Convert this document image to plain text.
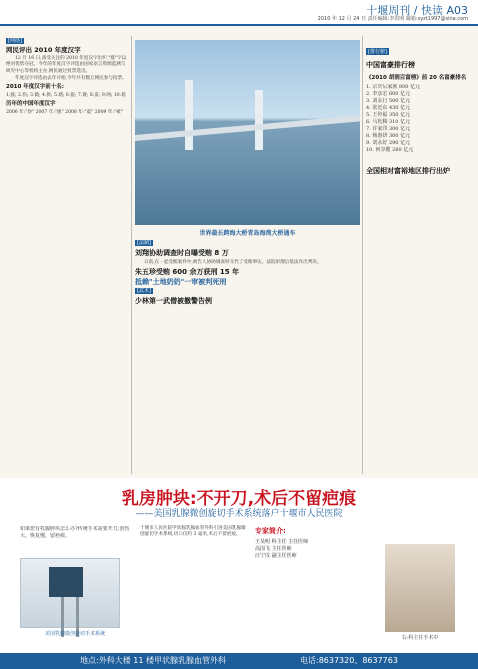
十堰周刊 / 快读 A03
2010 年 12 月 24 日 责任编辑:李洪明 邮箱:syzt1997@sina.com
[网络]
网民评出 2010 年度汉字

12 月 16 日,备受关注的 2010 年度汉字出炉,"涨"字以绝对优势夺冠。今年的年度汉字评选由国家语言资源监测与研究中心等机构主办,网民通过投票选出。

年度汉字评选由去年开始,今年共有数万网民参与投票。

2010 年度汉字前十名:

1.涨; 2.伤; 3.微; 4.拆; 5.堵; 6.狠; 7.赛; 8.雷; 9.网; 10.稳

历年的中国年度汉字

2006 年:"炒" 2007 年:"涨" 2008 年:"震" 2009 年:"被"

世界最长跨海大桥青岛海湾大桥通车
[法制]
刘翔协助调查时自曝受贿 8 万

日前,在一起受贿案件中,被告人协助调查时交代了受贿事实。法院审理后依法作出判决。

朱五珍受贿 600 余万获刑 15 年
抵赖"土地奶奶"一审被判死刑
[武术]
少林第一武僧被撤警告例
[排行榜]
中国富豪排行榜
《2010 胡润百富榜》前 20 名富豪排名
1. 宗庆后家族 800 亿元
2. 李彦宏 600 亿元
3. 刘永行 500 亿元
4. 张近东 430 亿元
5. 王传福 350 亿元
6. 马化腾 310 亿元
7. 许家印 300 亿元
8. 杨惠妍 300 亿元
9. 刘永好 290 亿元
10. 何享健 280 亿元
全国相对富裕地区排行出炉
乳房肿块:不开刀,术后不留疤痕
——美国乳腺微创旋切手术系统落户十堰市人民医院
如果您有乳腺肿块怎么办?传统手术需要开刀,创伤大、恢复慢、留疤痕。
美国乳腺微创旋切手术系统
十堰市人民医院甲状腺乳腺血管外科引进美国乳腺微创旋切手术系统,切口仅约 3 毫米,术后不留疤痕。	专家简介:
王昊明 科主任 主任医师
高国飞 主任医师
汪宁戌 副主任医师
右:科主任手术中
地点:外科大楼 11 楼甲状腺乳腺血管外科	电话:8637320、8637763
